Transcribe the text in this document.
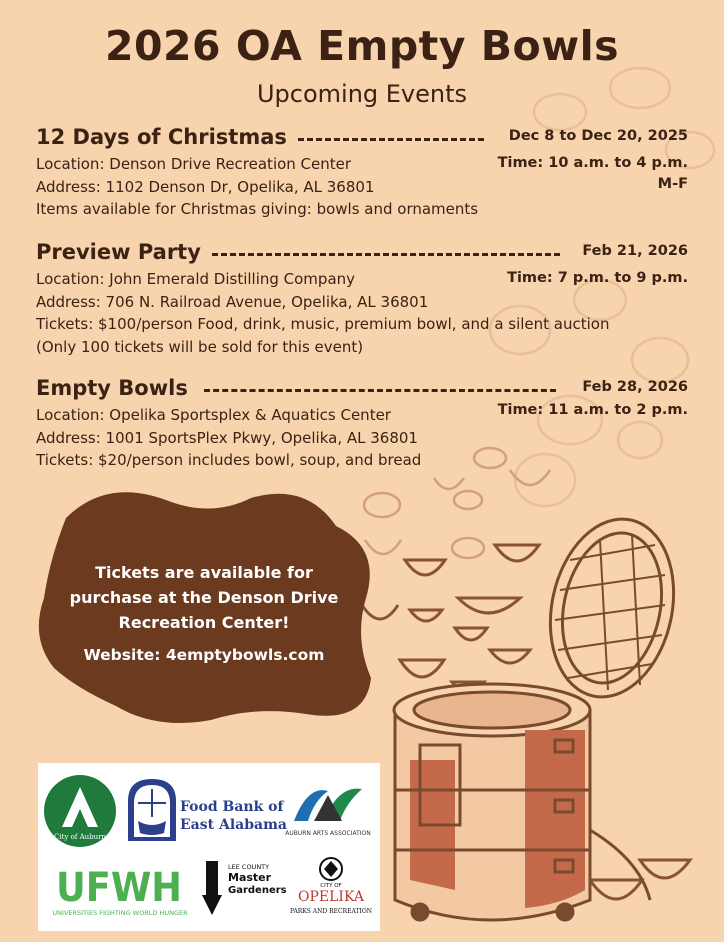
2026 OA Empty Bowls
Upcoming Events
12 Days of Christmas	Dec 8 to Dec 20, 2025
Time: 10 a.m. to 4 p.m.
M-F
Location: Denson Drive Recreation Center
Address: 1102 Denson Dr, Opelika, AL 36801
Items available for Christmas giving: bowls and ornaments
Preview Party	Feb 21, 2026
Time: 7 p.m. to 9 p.m.
Location: John Emerald Distilling Company
Address: 706 N. Railroad Avenue, Opelika, AL 36801
Tickets: $100/person Food, drink, music, premium bowl, and a silent auction
(Only 100 tickets will be sold for this event)
Empty Bowls	Feb 28, 2026
Time: 11 a.m. to 2 p.m.
Location: Opelika Sportsplex & Aquatics Center
Address: 1001 SportsPlex Pkwy, Opelika, AL 36801
Tickets: $20/person includes bowl, soup, and bread
Tickets are available for purchase at the Denson Drive Recreation Center!
Website: 4emptybowls.com
City of Auburn
Food Bank of
East Alabama
AUBURN ARTS ASSOCIATION
UFWH
UNIVERSITIES FIGHTING WORLD HUNGER
LEE COUNTY
Master
Gardeners	CITY OF
OPELIKA
PARKS AND RECREATION
